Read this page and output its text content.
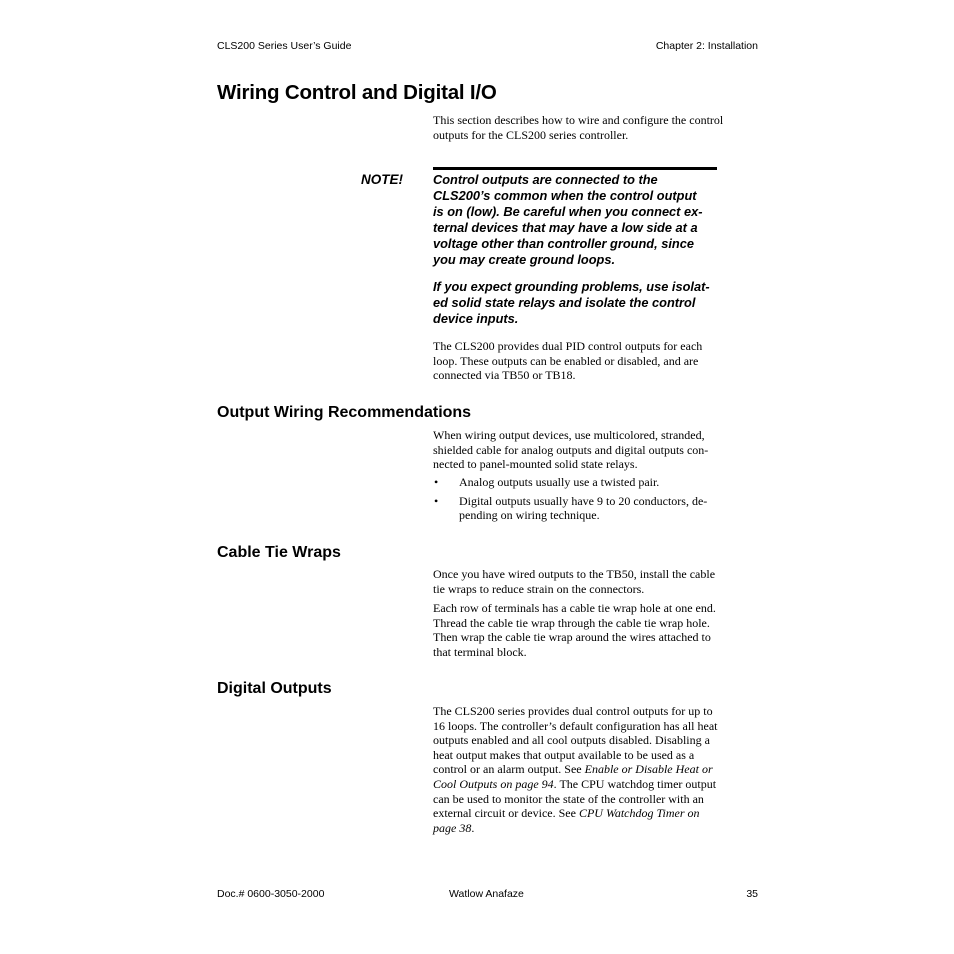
CLS200 Series User’s Guide	Chapter 2: Installation
Wiring Control and Digital I/O
This section describes how to wire and configure the control
outputs for the CLS200 series controller.
NOTE! Control outputs are connected to the
CLS200’s common when the control output
is on (low). Be careful when you connect ex-
ternal devices that may have a low side at a
voltage other than controller ground, since
you may create ground loops.
If you expect grounding problems, use isolat-
ed solid state relays and isolate the control
device inputs.
The CLS200 provides dual PID control outputs for each
loop. These outputs can be enabled or disabled, and are
connected via TB50 or TB18.
Output Wiring Recommendations
When wiring output devices, use multicolored, stranded,
shielded cable for analog outputs and digital outputs con-
nected to panel-mounted solid state relays.
• Analog outputs usually use a twisted pair.
• Digital outputs usually have 9 to 20 conductors, de-
pending on wiring technique.
Cable Tie Wraps
Once you have wired outputs to the TB50, install the cable
tie wraps to reduce strain on the connectors.
Each row of terminals has a cable tie wrap hole at one end.
Thread the cable tie wrap through the cable tie wrap hole.
Then wrap the cable tie wrap around the wires attached to
that terminal block.
Digital Outputs
The CLS200 series provides dual control outputs for up to
16 loops. The controller’s default configuration has all heat
outputs enabled and all cool outputs disabled. Disabling a
heat output makes that output available to be used as a
control or an alarm output. See Enable or Disable Heat or
Cool Outputs on page 94. The CPU watchdog timer output
can be used to monitor the state of the controller with an
external circuit or device. See CPU Watchdog Timer on
page 38.
Doc.# 0600-3050-2000	Watlow Anafaze	35
